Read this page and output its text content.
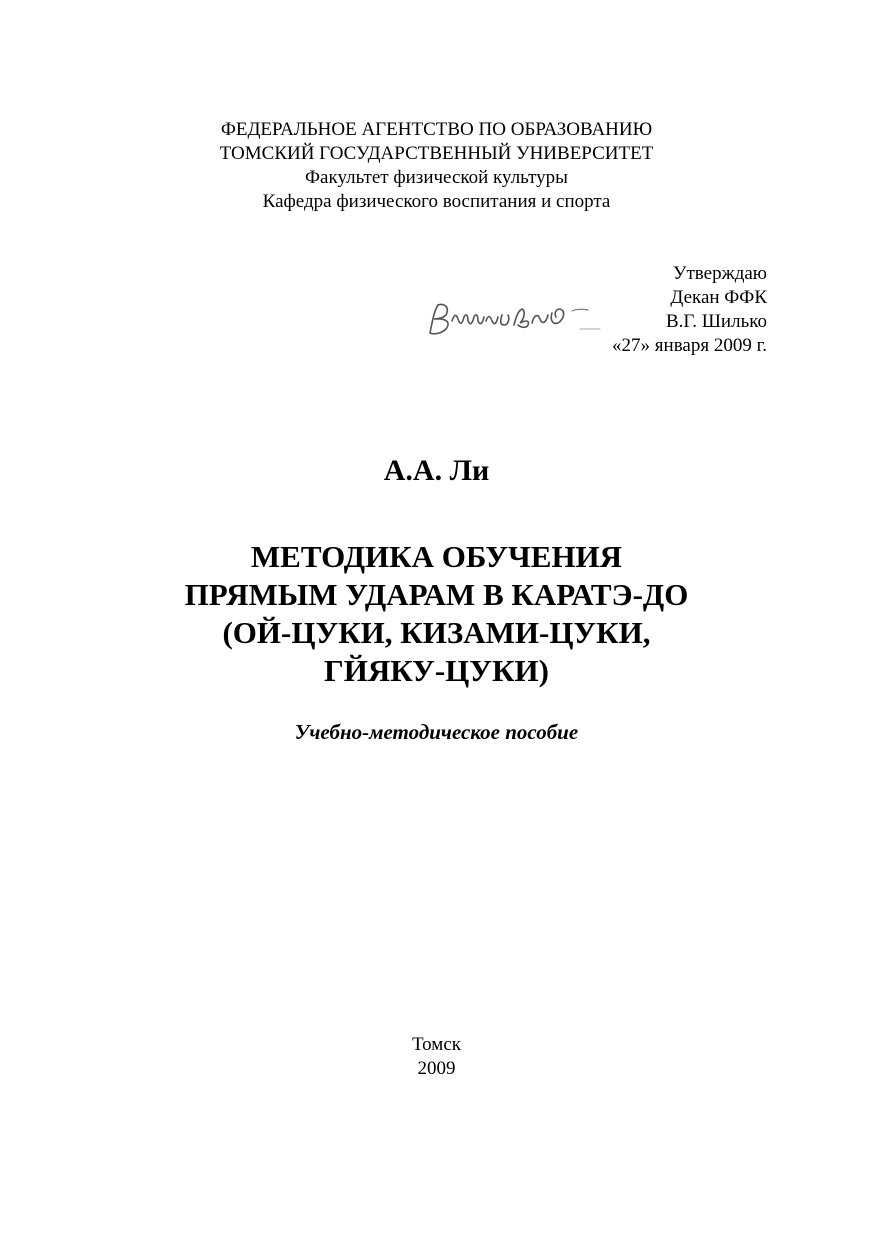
ФЕДЕРАЛЬНОЕ АГЕНТСТВО ПО ОБРАЗОВАНИЮ
ТОМСКИЙ ГОСУДАРСТВЕННЫЙ УНИВЕРСИТЕТ
Факультет физической культуры
Кафедра физического воспитания и спорта
Утверждаю
Декан ФФК
В.Г. Шилько
«27» января 2009 г.
А.А. Ли
МЕТОДИКА ОБУЧЕНИЯ
ПРЯМЫМ УДАРАМ В КАРАТЭ-ДО
(ОЙ-ЦУКИ, КИЗАМИ-ЦУКИ,
ГЙЯКУ-ЦУКИ)
Учебно-методическое пособие
Томск
2009
